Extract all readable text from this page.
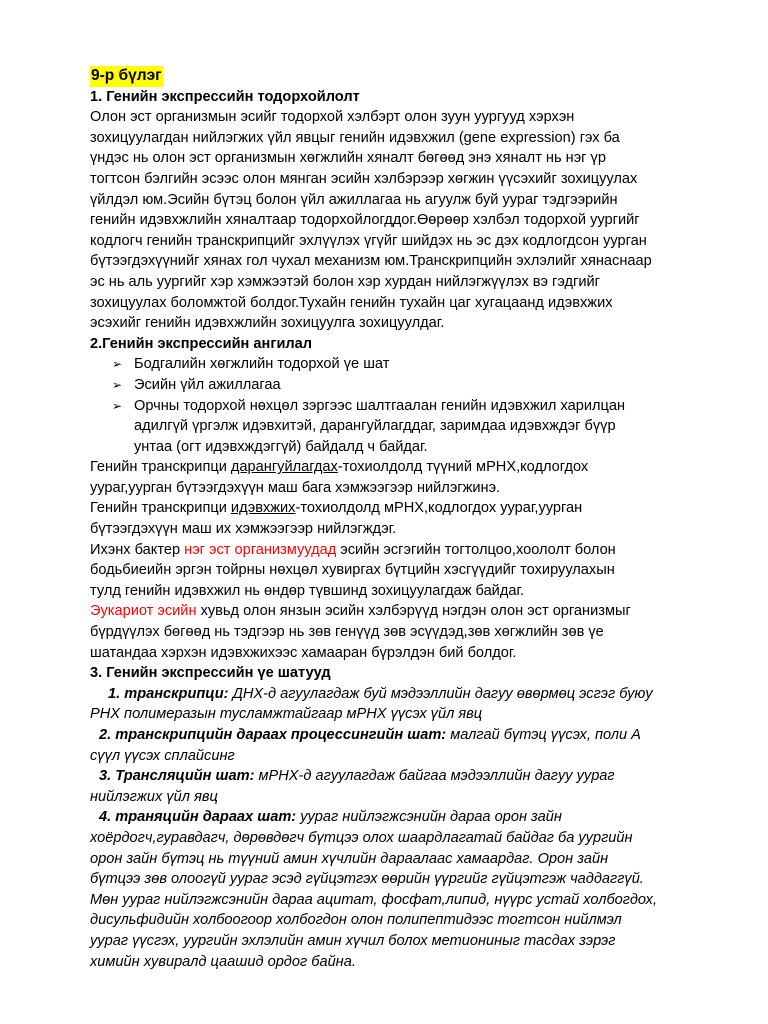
9-р бүлэг
1. Генийн экспрессийн тодорхойлолт
Олон эст организмын эсийг тодорхой хэлбэрт олон зуун уургууд хэрхэн
зохицуулагдан нийлэгжих үйл явцыг генийн идэвхжил (gene expression) гэх ба
үндэс нь олон эст организмын хөгжлийн хяналт бөгөөд энэ хяналт нь нэг үр
тогтсон бэлгийн эсээс олон мянган эсийн хэлбэрээр хөгжин үүсэхийг зохицуулах
үйлдэл юм.Эсийн бүтэц болон үйл ажиллагаа нь агуулж буй уураг тэдгээрийн
генийн идэвхжлийн хяналтаар тодорхойлогддог.Өөрөөр хэлбэл тодорхой уургийг
кодлогч генийн транскрипцийг эхлүүлэх үгүйг шийдэх нь эс дэх кодлогдсон уурган
бүтээгдэхүүнийг хянах гол чухал механизм юм.Транскрипцийн эхлэлийг хянаснаар
эс нь аль уургийг хэр хэмжээтэй болон хэр хурдан нийлэгжүүлэх вэ гэдгийг
зохицуулах боломжтой болдог.Тухайн генийн тухайн цаг хугацаанд идэвхжих
эсэхийг генийн идэвхжлийн зохицуулга зохицуулдаг.
2.Генийн экспрессийн ангилал
➢ Бодгалийн хөгжлийн тодорхой үе шат
➢ Эсийн үйл ажиллагаа
➢ Орчны тодорхой нөхцөл зэргээс шалтгаалан генийн идэвхжил харилцан
адилгүй үргэлж идэвхитэй, дарангуйлагддаг, заримдаа идэвхждэг бүүр
унтаа (огт идэвхждэггүй) байдалд ч байдаг.
Генийн транскрипци дарангуйлагдах-тохиолдолд түүний мРНХ,кодлогдох
уураг,уурган бүтээгдэхүүн маш бага хэмжээгээр нийлэгжинэ.
Генийн транскрипци идэвхжих-тохиолдолд мРНХ,кодлогдох уураг,уурган
бүтээгдэхүүн маш их хэмжээгээр нийлэгждэг.
Ихэнх бактер нэг эст организмуудад эсийн эсгэгийн тогтолцоо,хоололт болон
бодьбиеийн эргэн тойрны нөхцөл хувиргах бүтцийн хэсгүүдийг тохируулахын
тулд генийн идэвхжил нь өндөр түвшинд зохицуулагдаж байдаг.
Эукариот эсийн хувьд олон янзын эсийн хэлбэрүүд нэгдэн олон эст организмыг
бүрдүүлэх бөгөөд нь тэдгээр нь зөв генүүд зөв эсүүдэд,зөв хөгжлийн зөв үе
шатандаа хэрхэн идэвхжихээс хамааран бүрэлдэн бий болдог.
3. Генийн экспрессийн үе шатууд
1. транскрипци: ДНХ-д агуулагдаж буй мэдээллийн дагуу өвөрмөц эсгэг буюу
РНХ полимеразын тусламжтайгаар мРНХ үүсэх үйл явц
2. транскрипцийн дараах процессингийн шат: малгай бүтэц үүсэх, поли А
сүүл үүсэх сплайсинг
3. Трансляцийн шат: мРНХ-д агуулагдаж байгаа мэдээллийн дагуу уураг
нийлэгжих үйл явц
4. траняцийн дараах шат: уураг нийлэгжсэнийн дараа орон зайн
хоёрдогч,гуравдагч, дөрөвдөгч бүтцээ олох шаардлагатай байдаг ба уургийн
орон зайн бүтэц нь түүний амин хүчлийн дараалаас хамаардаг. Орон зайн
бүтцээ зөв олоогүй уураг эсэд гүйцэтгэх өөрийн үүргийг гүйцэтгэж чаддаггүй.
Мөн уураг нийлэгжсэнийн дараа ацитат, фосфат,липид, нүүрс устай холбогдох,
дисульфидийн холбоогоор холбогдон олон полипептидээс тогтсон нийлмэл
уураг үүсгэх, уургийн эхлэлийн амин хүчил болох метиониныг тасдах зэрэг
химийн хувиралд цаашид ордог байна.
